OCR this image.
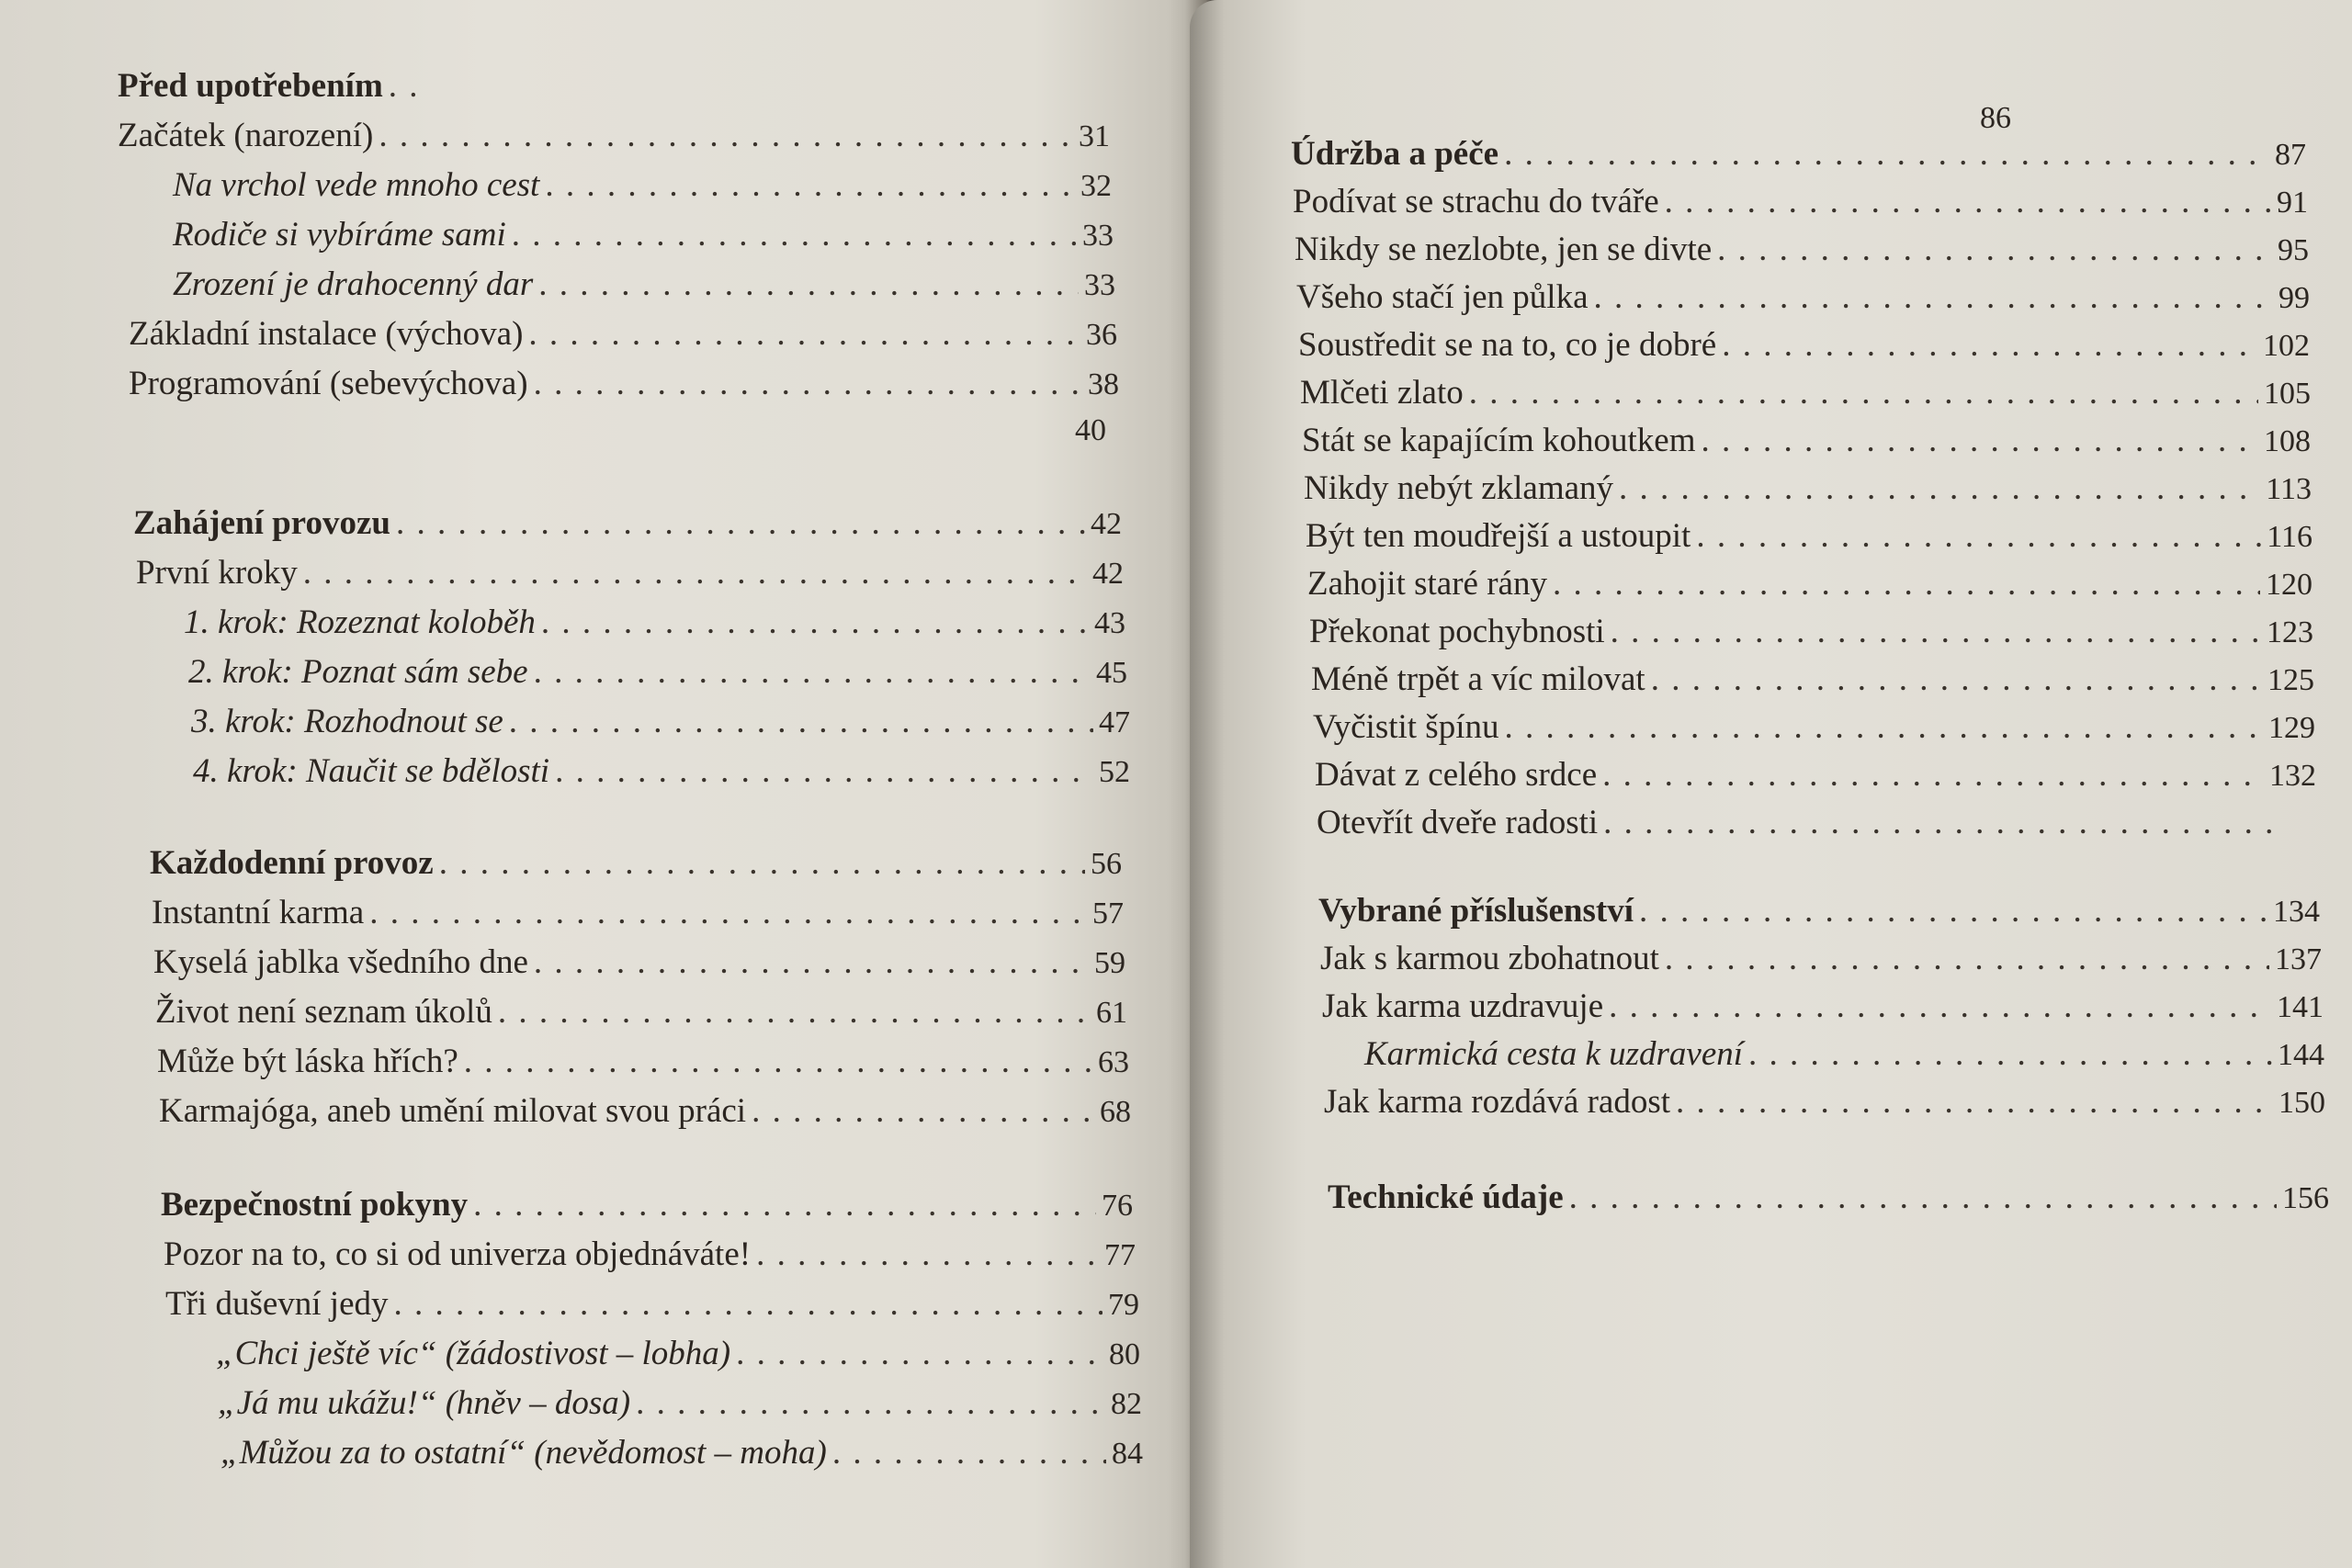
Před upotřebením
. . .
Začátek (narození) . . .	31
Na vrchol vede mnoho cest . . .	32
Rodiče si vybíráme sami . . .	33
Zrození je drahocenný dar . . .	33
Základní instalace (výchova) . . .	36
Programování (sebevýchova) . . .	38
40
Zahájení provozu . . .	42
První kroky . . .	42
1. krok: Rozeznat koloběh . . .	43
2. krok: Poznat sám sebe . . .	45
3. krok: Rozhodnout se . . .	47
4. krok: Naučit se bdělosti . . .	52
Každodenní provoz . . .	56
Instantní karma . . .	57
Kyselá jablka všedního dne . . .	59
Život není seznam úkolů . . .	61
Může být láska hřích? . . .	63
Karmajóga, aneb umění milovat svou práci . . .	68
Bezpečnostní pokyny . . .	76
Pozor na to, co si od univerza objednáváte! . . .	77
Tři duševní jedy . . .	79
„Chci ještě víc“ (žádostivost – lobha) . . .	80
„Já mu ukážu!“ (hněv – dosa) . . .	82
„Můžou za to ostatní“ (nevědomost – moha) . . .	84
86
Údržba a péče . . .	87
Podívat se strachu do tváře . . .	91
Nikdy se nezlobte, jen se divte . . .	95
Všeho stačí jen půlka . . .	99
Soustředit se na to, co je dobré . . .	102
Mlčeti zlato . . .	105
Stát se kapajícím kohoutkem . . .	108
Nikdy nebýt zklamaný . . .	113
Být ten moudřejší a ustoupit . . .	116
Zahojit staré rány . . .	120
Překonat pochybnosti . . .	123
Méně trpět a víc milovat . . .	125
Vyčistit špínu . . .	129
Dávat z celého srdce . . .	132
Otevřít dveře radosti
. . .
Vybrané příslušenství . . .	134
Jak s karmou zbohatnout . . .	137
Jak karma uzdravuje . . .	141
Karmická cesta k uzdravení . . .	144
Jak karma rozdává radost . . .	150
Technické údaje . . .	156
